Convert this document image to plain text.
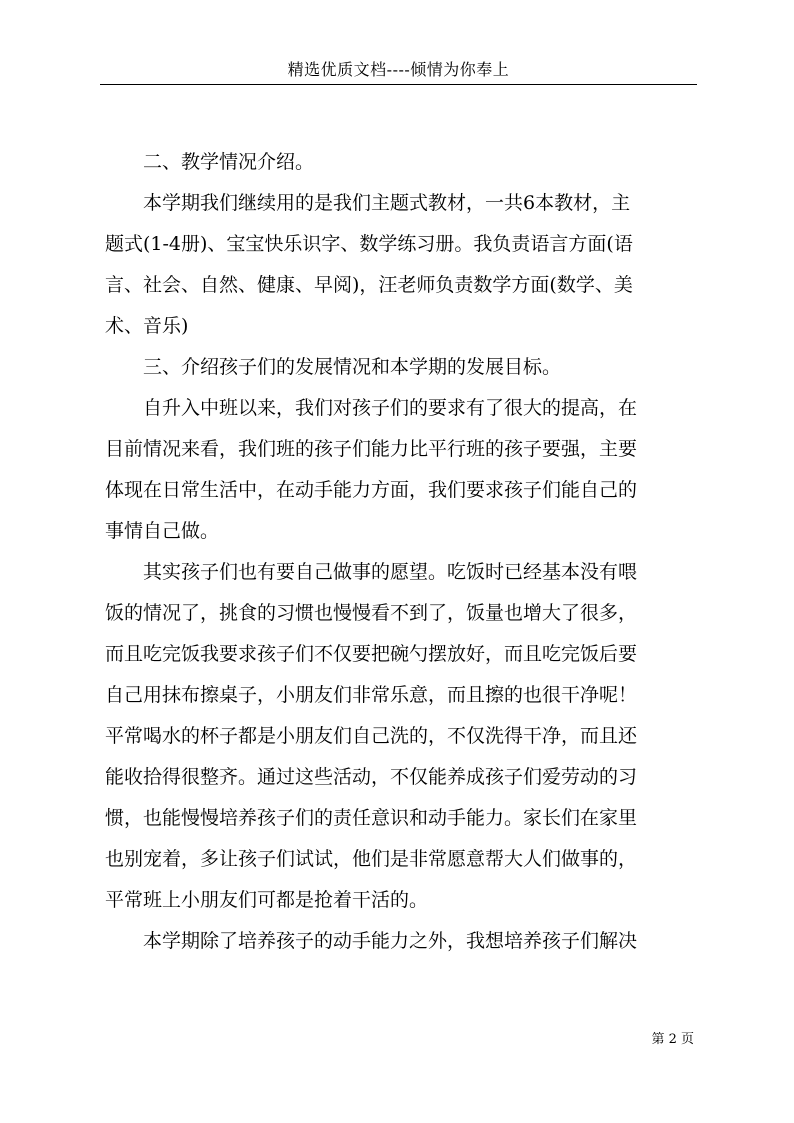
精选优质文档----倾情为你奉上
二、教学情况介绍。
本学期我们继续用的是我们主题式教材，一共6本教材，主
题式(1-4册)、宝宝快乐识字、数学练习册。我负责语言方面(语
言、社会、自然、健康、早阅)，汪老师负责数学方面(数学、美
术、音乐)
三、介绍孩子们的发展情况和本学期的发展目标。
自升入中班以来，我们对孩子们的要求有了很大的提高，在
目前情况来看，我们班的孩子们能力比平行班的孩子要强，主要
体现在日常生活中，在动手能力方面，我们要求孩子们能自己的
事情自己做。
其实孩子们也有要自己做事的愿望。吃饭时已经基本没有喂
饭的情况了，挑食的习惯也慢慢看不到了，饭量也增大了很多，
而且吃完饭我要求孩子们不仅要把碗勺摆放好，而且吃完饭后要
自己用抹布擦桌子，小朋友们非常乐意，而且擦的也很干净呢！
平常喝水的杯子都是小朋友们自己洗的，不仅洗得干净，而且还
能收拾得很整齐。通过这些活动，不仅能养成孩子们爱劳动的习
惯，也能慢慢培养孩子们的责任意识和动手能力。家长们在家里
也别宠着，多让孩子们试试，他们是非常愿意帮大人们做事的，
平常班上小朋友们可都是抢着干活的。
本学期除了培养孩子的动手能力之外，我想培养孩子们解决
第 2 页
